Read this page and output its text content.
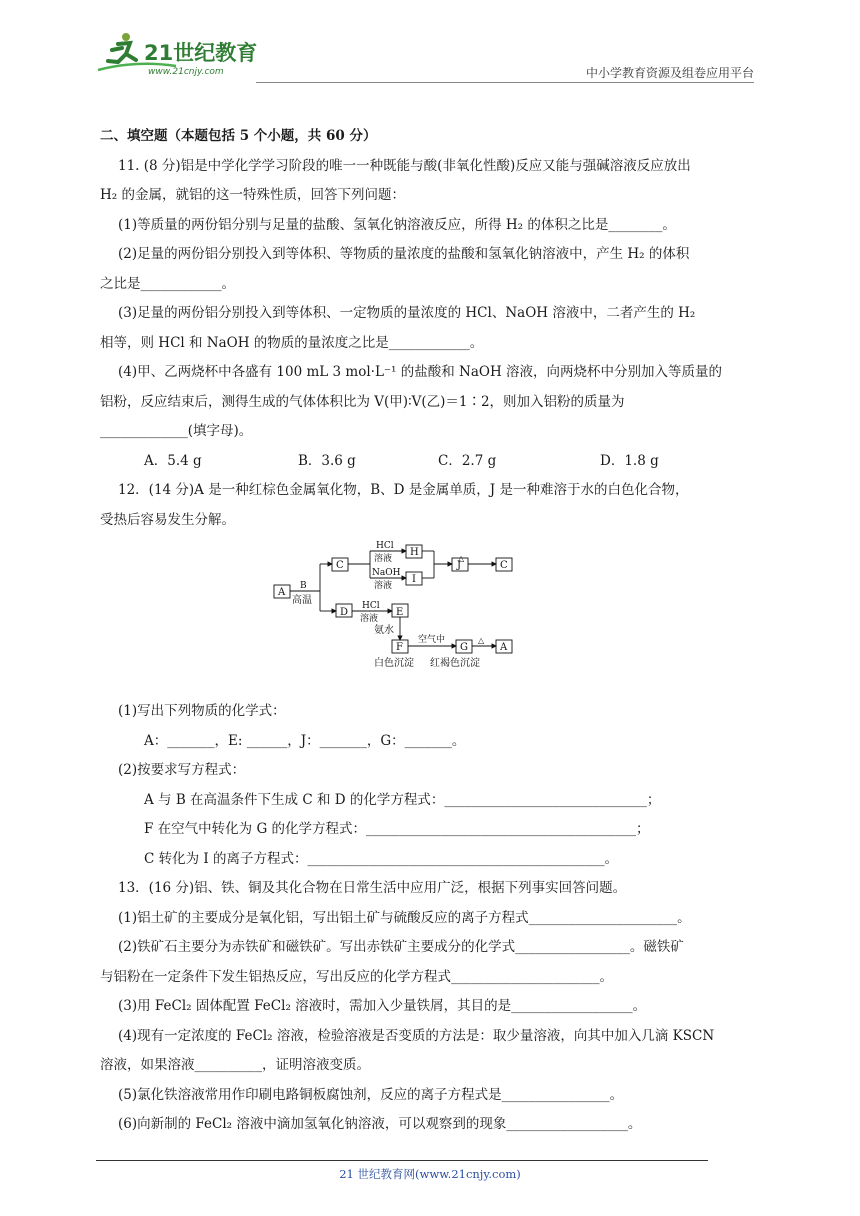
21世纪教育
www.21cnjy.com	中小学教育资源及组卷应用平台

二、填空题（本题包括 5 个小题，共 60 分）

11. (8 分)铝是中学化学学习阶段的唯一一种既能与酸(非氧化性酸)反应又能与强碱溶液反应放出

H₂ 的金属，就铝的这一特殊性质，回答下列问题：

(1)等质量的两份铝分别与足量的盐酸、氢氧化钠溶液反应，所得 H₂ 的体积之比是________。

(2)足量的两份铝分别投入到等体积、等物质的量浓度的盐酸和氢氧化钠溶液中，产生 H₂ 的体积

之比是____________。

(3)足量的两份铝分别投入到等体积、一定物质的量浓度的 HCl、NaOH 溶液中，二者产生的 H₂

相等，则 HCl 和 NaOH 的物质的量浓度之比是____________。

(4)甲、乙两烧杯中各盛有 100 mL 3 mol·L⁻¹ 的盐酸和 NaOH 溶液，向两烧杯中分别加入等质量的

铝粉，反应结束后，测得生成的气体体积比为 V(甲)∶V(乙)＝1∶2，则加入铝粉的质量为

_____________(填字母)。

A．5.4 g	B．3.6 g	C．2.7 g	D．1.8 g

12．(14 分)A 是一种红棕色金属氧化物，B、D 是金属单质，J 是一种难溶于水的白色化合物，

受热后容易发生分解。

A
C
H
I
J	C
D	E
F	G	A
B
高温
HCl
溶液
NaOH
溶液
HCl
溶液
氨水
空气中
△
△
白色沉淀 红褐色沉淀

(1)写出下列物质的化学式：

A：_______，E: ______，J：_______，G：_______。

(2)按要求写方程式：

A 与 B 在高温条件下生成 C 和 D 的化学方程式：______________________________；

F 在空气中转化为 G 的化学方程式：________________________________________；

C 转化为 I 的离子方程式：____________________________________________。

13．(16 分)铝、铁、铜及其化合物在日常生活中应用广泛，根据下列事实回答问题。

(1)铝土矿的主要成分是氧化铝，写出铝土矿与硫酸反应的离子方程式______________________。

(2)铁矿石主要分为赤铁矿和磁铁矿。写出赤铁矿主要成分的化学式_________________。磁铁矿

与铝粉在一定条件下发生铝热反应，写出反应的化学方程式______________________。

(3)用 FeCl₂ 固体配置 FeCl₂ 溶液时，需加入少量铁屑，其目的是__________________。

(4)现有一定浓度的 FeCl₂ 溶液，检验溶液是否变质的方法是：取少量溶液，向其中加入几滴 KSCN

溶液，如果溶液__________，证明溶液变质。

(5)氯化铁溶液常用作印刷电路铜板腐蚀剂，反应的离子方程式是________________。

(6)向新制的 FeCl₂ 溶液中滴加氢氧化钠溶液，可以观察到的现象__________________。

21 世纪教育网(www.21cnjy.com)
